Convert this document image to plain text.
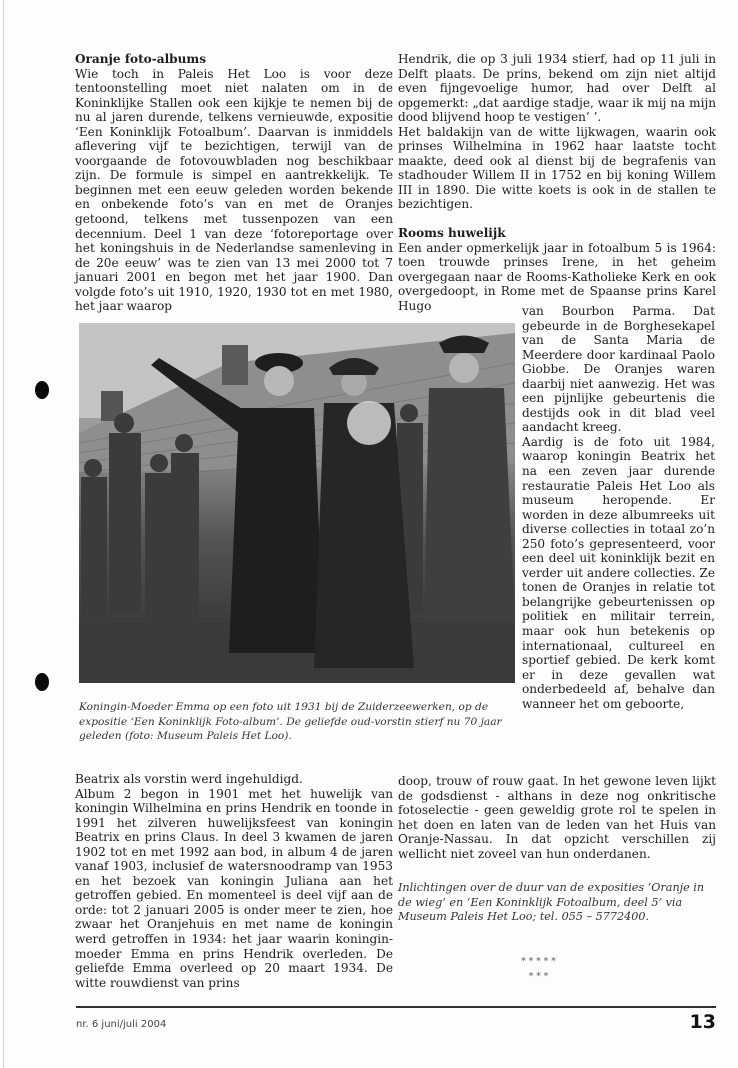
Oranje foto-albums

Wie toch in Paleis Het Loo is voor deze tentoonstelling moet niet nalaten om in de Koninklijke Stallen ook een kijkje te nemen bij de nu al jaren durende, telkens vernieuwde, expositie ‘Een Koninklijk Fotoalbum’. Daarvan is inmiddels aflevering vijf te bezichtigen, terwijl van de voorgaande de fotovouwbladen nog beschikbaar zijn. De formule is simpel en aantrekkelijk. Te beginnen met een eeuw geleden worden bekende en onbekende foto’s van en met de Oranjes getoond, telkens met tussenpozen van een decennium. Deel 1 van deze ‘fotoreportage over het koningshuis in de Nederlandse samenleving in de 20e eeuw’ was te zien van 13 mei 2000 tot 7 januari 2001 en begon met het jaar 1900. Dan volgde foto’s uit 1910, 1920, 1930 tot en met 1980, het jaar waarop

Hendrik, die op 3 juli 1934 stierf, had op 11 juli in Delft plaats. De prins, bekend om zijn niet altijd even fijngevoelige humor, had over Delft al opgemerkt: „dat aardige stadje, waar ik mij na mijn dood blijvend hoop te vestigen’ ’.

Het baldakijn van de witte lijkwagen, waarin ook prinses Wilhelmina in 1962 haar laatste tocht maakte, deed ook al dienst bij de begrafenis van stadhouder Willem II in 1752 en bij koning Willem III in 1890. Die witte koets is ook in de stallen te bezichtigen.

Rooms huwelijk

Een ander opmerkelijk jaar in fotoalbum 5 is 1964: toen trouwde prinses Irene, in het geheim overgegaan naar de Rooms-Katholieke Kerk en ook overgedoopt, in Rome met de Spaanse prins Karel Hugo

Koningin-Moeder Emma op een foto uit 1931 bij de Zuiderzeewerken, op de expositie ‘Een Koninklijk Foto-album’. De geliefde oud-vorstin stierf nu 70 jaar geleden (foto: Museum Paleis Het Loo).

van Bourbon Parma. Dat gebeurde in de Borghesekapel van de Santa Maria de Meerdere door kardinaal Paolo Giobbe. De Oranjes waren daarbij niet aanwezig. Het was een pijnlijke gebeurtenis die destijds ook in dit blad veel aandacht kreeg.

Aardig is de foto uit 1984, waarop koningin Beatrix het na een zeven jaar durende restauratie Paleis Het Loo als museum heropende. Er worden in deze albumreeks uit diverse collecties in totaal zo’n 250 foto’s gepresenteerd, voor een deel uit koninklijk bezit en verder uit andere collecties. Ze tonen de Oranjes in relatie tot belangrijke gebeurtenissen op politiek en militair terrein, maar ook hun betekenis op internationaal, cultureel en sportief gebied. De kerk komt er in deze gevallen wat onderbedeeld af, behalve dan wanneer het om geboorte,

Beatrix als vorstin werd ingehuldigd.

Album 2 begon in 1901 met het huwelijk van koningin Wilhelmina en prins Hendrik en toonde in 1991 het zilveren huwelijksfeest van koningin Beatrix en prins Claus. In deel 3 kwamen de jaren 1902 tot en met 1992 aan bod, in album 4 de jaren vanaf 1903, inclusief de watersnoodramp van 1953 en het bezoek van koningin Juliana aan het getroffen gebied. En momenteel is deel vijf aan de orde: tot 2 januari 2005 is onder meer te zien, hoe zwaar het Oranjehuis en met name de koningin werd getroffen in 1934: het jaar waarin koningin-moeder Emma en prins Hendrik overleden. De geliefde Emma overleed op 20 maart 1934. De witte rouwdienst van prins

doop, trouw of rouw gaat. In het gewone leven lijkt de godsdienst - althans in deze nog onkritische fotoselectie - geen geweldig grote rol te spelen in het doen en laten van de leden van het Huis van Oranje-Nassau. In dat opzicht verschillen zij wellicht niet zoveel van hun onderdanen.

Inlichtingen over de duur van de exposities ‘Oranje in de wieg’ en ‘Een Koninklijk Fotoalbum, deel 5’ via Museum Paleis Het Loo; tel. 055 – 5772400.
*****
***
nr. 6 juni/juli 2004	13
